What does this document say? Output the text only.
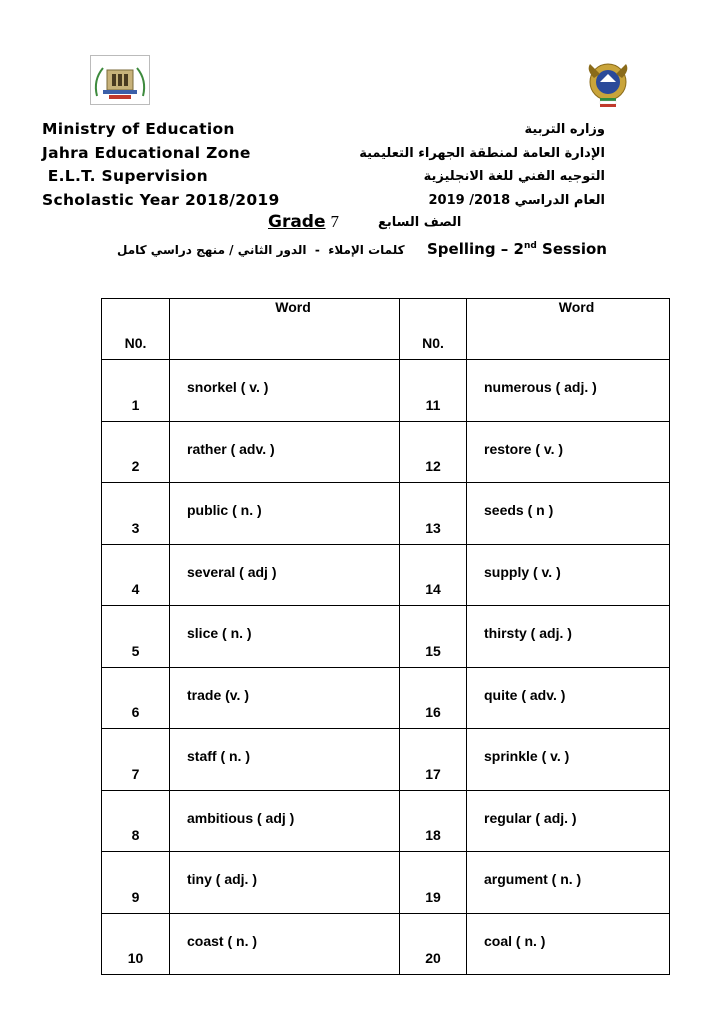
Ministry of Education
Jahra Educational Zone
E.L.T. Supervision
Scholastic Year 2018/2019
وزاره التربية
الإدارة العامة لمنطقة الجهراء التعليمية
التوجيه الفني للغة الانجليزية
العام الدراسي 2018/ 2019
Grade 7	الصف السابع
كلمات الإملاء  -  الدور الثاني / منهج دراسي كامل Spelling – 2nd Session
N0.	Word	N0.	Word
1	snorkel ( v. )	11	numerous ( adj. )
2	rather ( adv. )	12	restore ( v. )
3	public ( n. )	13	seeds ( n )
4	several ( adj )	14	supply ( v. )
5	slice ( n. )	15	thirsty ( adj. )
6	trade (v. )	16	quite ( adv. )
7	staff ( n. )	17	sprinkle ( v. )
8	ambitious ( adj )	18	regular ( adj. )
9	tiny ( adj. )	19	argument ( n. )
10	coast ( n. )	20	coal ( n. )
